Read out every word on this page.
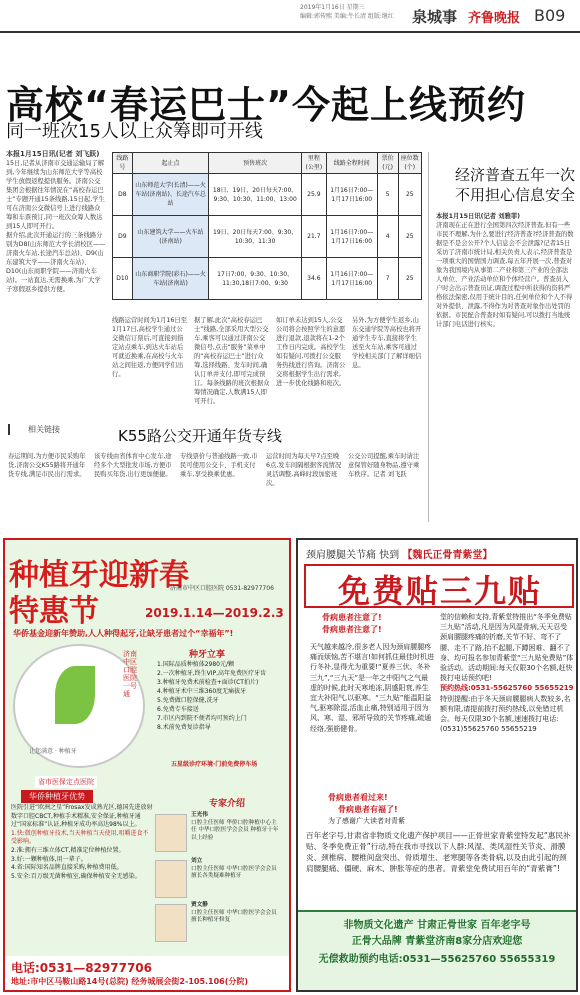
2019年1月16日 星期三
编辑:郭传熙 美编:牛长清 组版:继红 泉城事 齐鲁晚报 B09
高校“春运巴士”今起上线预约
同一班次15人以上众筹即可开线
本报1月15日讯(记者 刘飞跃)
15日,记者从济南市交通运输局了解到,今年继续为山东师范大学等高校学生放假返程提供服务。济南公交集团会根据往年情况在“高校春运巴士”专题开通15条线路,15日起,学生可在济南公交微信号上进行线路众筹和车票预订,同一班次众筹人数达到15人即可开行。
据介绍,此次开通运行的三条线路分别为D8(山东师范大学长清校区——济南火车站,长途汽车总站)、D9(山东建筑大学——济南火车站)、D10(山东商职学院——济南火车站)。一站直达,无需换乘,为广大学子寒假返乡提供方便。
线路号	起止点	预售班次	里程(公里)	线路全程时间	票价(元)	座位数(个)
D8	山东师范大学(长清)——火车站(济南站)、长途汽车总站	18日、19日、20日每天7:00、9:30、10:30、11:00、13:00	25.9	1月16日7:00—1月17日16:00	5	25
D9	山东建筑大学——火车站(济南站)	19日、20日每天7:00、9:30、10:30、11:30	21.7	1月16日7:00—1月17日16:00	4	25
D10	山东商职学院(彩石)——火车站(济南站)	17日7:00、9:30、10:30、11:30,18日7:00、9:30	34.6	1月16日7:00—1月17日16:00	7	25
线路运营时间为1月16日至1月17日,高校学生通过公交微信订票后,可直接到指定站点乘车,到达火车站后可就近换乘,在高校与火车站之间往返,方便同学们出行。
据了解,此次“高校春运巴士”线路,全部采用大型公交车,乘客可以通过济南公交微信号,点击“服务”菜单中的“高校春运巴士”进行众筹,选择线路、发车时间,确认订单并支付,即可完成预订。每条线路的班次根据众筹情况确定,人数满15人即可开行。
如订单未达到15人,公交公司将会按照学生的意愿进行退款,退款将在1-2个工作日内完成。高校学生如有疑问,可拨打公交服务热线进行咨询。济南公交将根据学生出行需求,进一步优化线路和班次。
另外,为方便学生返乡,山东交通学院等高校也将开通学生专车,直接将学生送至火车站,乘客可通过学校相关部门了解详细信息。
经济普查五年一次
不用担心信息安全
本报1月15日讯(记者 刘雅菲)
济南现在正在进行全国第四次经济普查,但有一些市民不理解,为什么要进行经济普查?经济普查的数据是不是会公开?个人信息会不会泄露?记者15日采访了济南市统计局,相关负责人表示,经济普查是一项重大的国情国力调查,每五年开展一次,普查对象为我国境内从事第二产业和第三产业的全部法人单位、产业活动单位和个体经营户。普查员入户时会出示普查员证,调查过程中所获得的资料严格依法保密,仅用于统计目的,任何单位和个人不得对外提供、泄露,不得作为对普查对象作出处罚的依据。市民配合普查时如有疑问,可以拨打当地统计部门电话进行核实。
相关链接	K55路公交开通年货专线
春运期间,为方便市民采购年货,济南公交K55路将开通年货专线,满足市民出行需求。
该专线由省体育中心发车,途经多个大型批发市场,方便市民购买年货,出行更加便捷。
专线票价与普通线路一致,市民可使用公交卡、手机支付乘车,享受换乘优惠。
运营时间为每天早7点至晚6点,发车间隔根据客流情况灵活调整,高峰时段加密班次。
公交公司提醒,乘车时请注意保管好随身物品,遵守乘车秩序。记者 刘飞跃
种植牙迎新春
特惠节
济南市中区口腔医院 0531-82977706
2019.1.14—2019.2.3
华侨基金迎新年赞助,人人种得起牙,让缺牙患者过个“幸福年”!
让您满意 · 种植牙
济南中区口腔医院一号通
省市医保定点医院
种牙立享
1.国际品质种植体2980元/颗
2.一次种植牙,终生VIP,高年免费医疗牙齿
3.种植牙免费术前检查+面诊(CT拍片)
4.种植牙术中三维360度无痛拔牙
5.免费做口腔保健,洗牙
6.免费专车接送
7.市区内到院不便者均可预约上门
8.术前免费复诊指导
五星级诊疗环境·门前免费停车场
华侨种植牙优势
医院引进“欧洲之星”Frosax发成熟光区,德国先进放射数字口腔CBCT,种植手术精准,安全保证,种植牙通过“国家标准”认证,种植牙成功率高达98%以上。
1.快:微创种植牙技术,当天种植当天使用,咀嚼进食不受影响。
2.准:拥有三维立体CT,精准定位种植位置。
3.好:一颗种植体,用一辈子。
4.省:国际知名品牌直接采购,种植费用低。
5.安全:百万级无菌种植室,确保种植安全无感染。
专家介绍
王光伟
口腔主任医师 华侨口腔种植中心主任 中华口腔医学会会员 种植牙十年以上经验
刘立
口腔主任医师 中华口腔医学会会员 擅长各类疑难种植牙
贾文静
口腔主任医师 中华口腔医学会会员 擅长种植牙修复
电话:0531—82977706
地址:市中区马鞍山路14号(总院) 经务城展会街2-105.106(分院)
颈肩腰腿关节痛 快到 【魏氏正骨青紫堂】
免费贴三九贴
骨病患者注意了!
骨病患者注意了!
天气越来越冷,很多老人因为颈肩腰腿疼痛而烦恼,苦不堪言!如何抓住最佳时机进行冬补,显得尤为重要!“夏养三伏、冬补三九”,“三九天”是一年之中阳气之气最虚的时候,此时天寒地冻,阴盛阳衰,养生宜大补阳气,以驱寒。“三九贴”能温阳益气,驱寒除湿,活血止痛,特别适用于因为风、寒、湿、邪所导致的关节疼痛,疏通经络,强筋健骨。
堂的信赖和支持,青紫堂特推出“冬季免费贴三九贴”活动,凡是因为风湿骨病,天天忍受颈肩腰腿疼痛的折磨,关节不好、弯不了腰、走不了路,抬不起腿,下蹲困难、翻不了身、均可报名参加青紫堂“三九贴免费贴”体验活动。活动期间:每天仅限30个名额,赶快拨打电话预约吧!
预约热线:0531-55625760 55655219
特别提醒:由于冬天颈肩腰腿病人数较多,名额有限,请提前拨打预约热线,以免错过机会。每天仅限30个名额,速速拨打电话:(0531)55625760 55655219
骨病患者看过来!
骨病患者有福了!
为了感谢广大读者对青紫
百年老字号,甘肃省非物质文化遗产保护项目——正骨世家青紫堂特发起“惠民补贴、冬季免费正骨”行动,特在我市寻找以下人群:风湿、类风湿性关节炎、滑膜炎、颈椎病、腰椎间盘突出、骨质增生、老寒腿等各类骨病,以及由此引起的颈肩腰腿痛、僵硬、麻木、肿胀等症的患者。青紫堂免费试用百年的“青紫膏”!
非物质文化遗产 甘肃正骨世家 百年老字号
正骨大品牌 青紫堂济南8家分店欢迎您
无偿救助预约电话:0531—55625760 55655319
